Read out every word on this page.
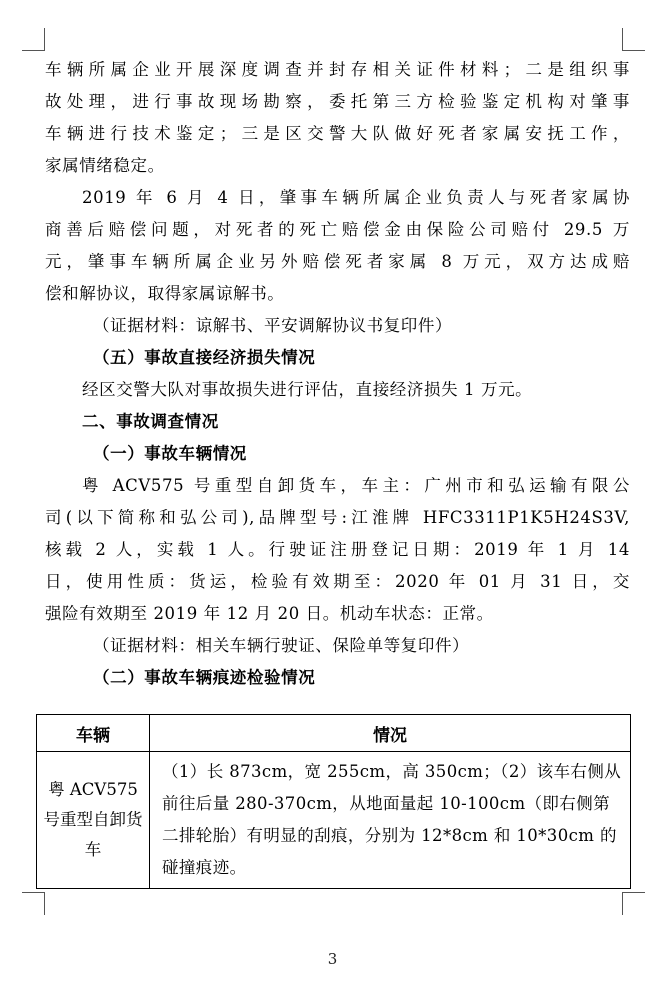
车辆所属企业开展深度调查并封存相关证件材料；二是组织事
故处理，进行事故现场勘察，委托第三方检验鉴定机构对肇事
车辆进行技术鉴定；三是区交警大队做好死者家属安抚工作，
家属情绪稳定。
2019 年 6 月 4 日，肇事车辆所属企业负责人与死者家属协
商善后赔偿问题，对死者的死亡赔偿金由保险公司赔付 29.5 万
元，肇事车辆所属企业另外赔偿死者家属 8 万元，双方达成赔
偿和解协议，取得家属谅解书。
（证据材料：谅解书、平安调解协议书复印件）
（五）事故直接经济损失情况
经区交警大队对事故损失进行评估，直接经济损失 1 万元。
二、事故调查情况
（一）事故车辆情况
粤 ACV575 号重型自卸货车，车主：广州市和弘运输有限公
司(以下简称和弘公司),品牌型号:江淮牌 HFC3311P1K5H24S3V,
核载 2 人，实载 1 人。行驶证注册登记日期：2019 年 1 月 14
日，使用性质：货运，检验有效期至：2020 年 01 月 31 日，交
强险有效期至 2019 年 12 月 20 日。机动车状态：正常。
（证据材料：相关车辆行驶证、保险单等复印件）
（二）事故车辆痕迹检验情况
车辆	情况
粤 ACV575 号重型自卸货车	（1）长 873cm，宽 255cm，高 350cm；（2）该车右侧从前往后量 280-370cm，从地面量起 10-100cm（即右侧第二排轮胎）有明显的刮痕，分别为 12*8cm 和 10*30cm 的碰撞痕迹。
3
